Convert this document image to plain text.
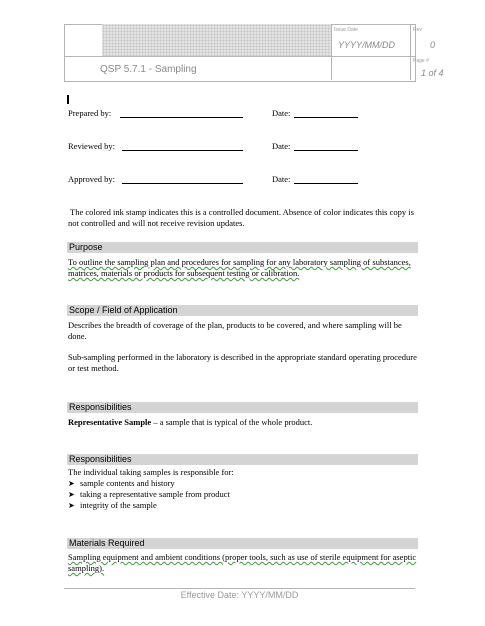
Issue Date
YYYY/MM/DD
Rev
0
Page #
1 of 4
QSP 5.7.1 - Sampling
Prepared by:	Date:
Reviewed by:	Date:
Approved by:	Date:
The colored ink stamp indicates this is a controlled document. Absence of color indicates this copy is not controlled and will not receive revision updates.
Purpose
To outline the sampling plan and procedures for sampling for any laboratory sampling of substances, matrices, materials or products for subsequent testing or calibration.
Scope / Field of Application
Describes the breadth of coverage of the plan, products to be covered, and where sampling will be done.
Sub-sampling performed in the laboratory is described in the appropriate standard operating procedure or test method.
Responsibilities
Representative Sample – a sample that is typical of the whole product.
Responsibilities
The individual taking samples is responsible for:
➤ sample contents and history
➤ taking a representative sample from product
➤ integrity of the sample
Materials Required
Sampling equipment and ambient conditions (proper tools, such as use of sterile equipment for aseptic sampling).
Effective Date: YYYY/MM/DD
